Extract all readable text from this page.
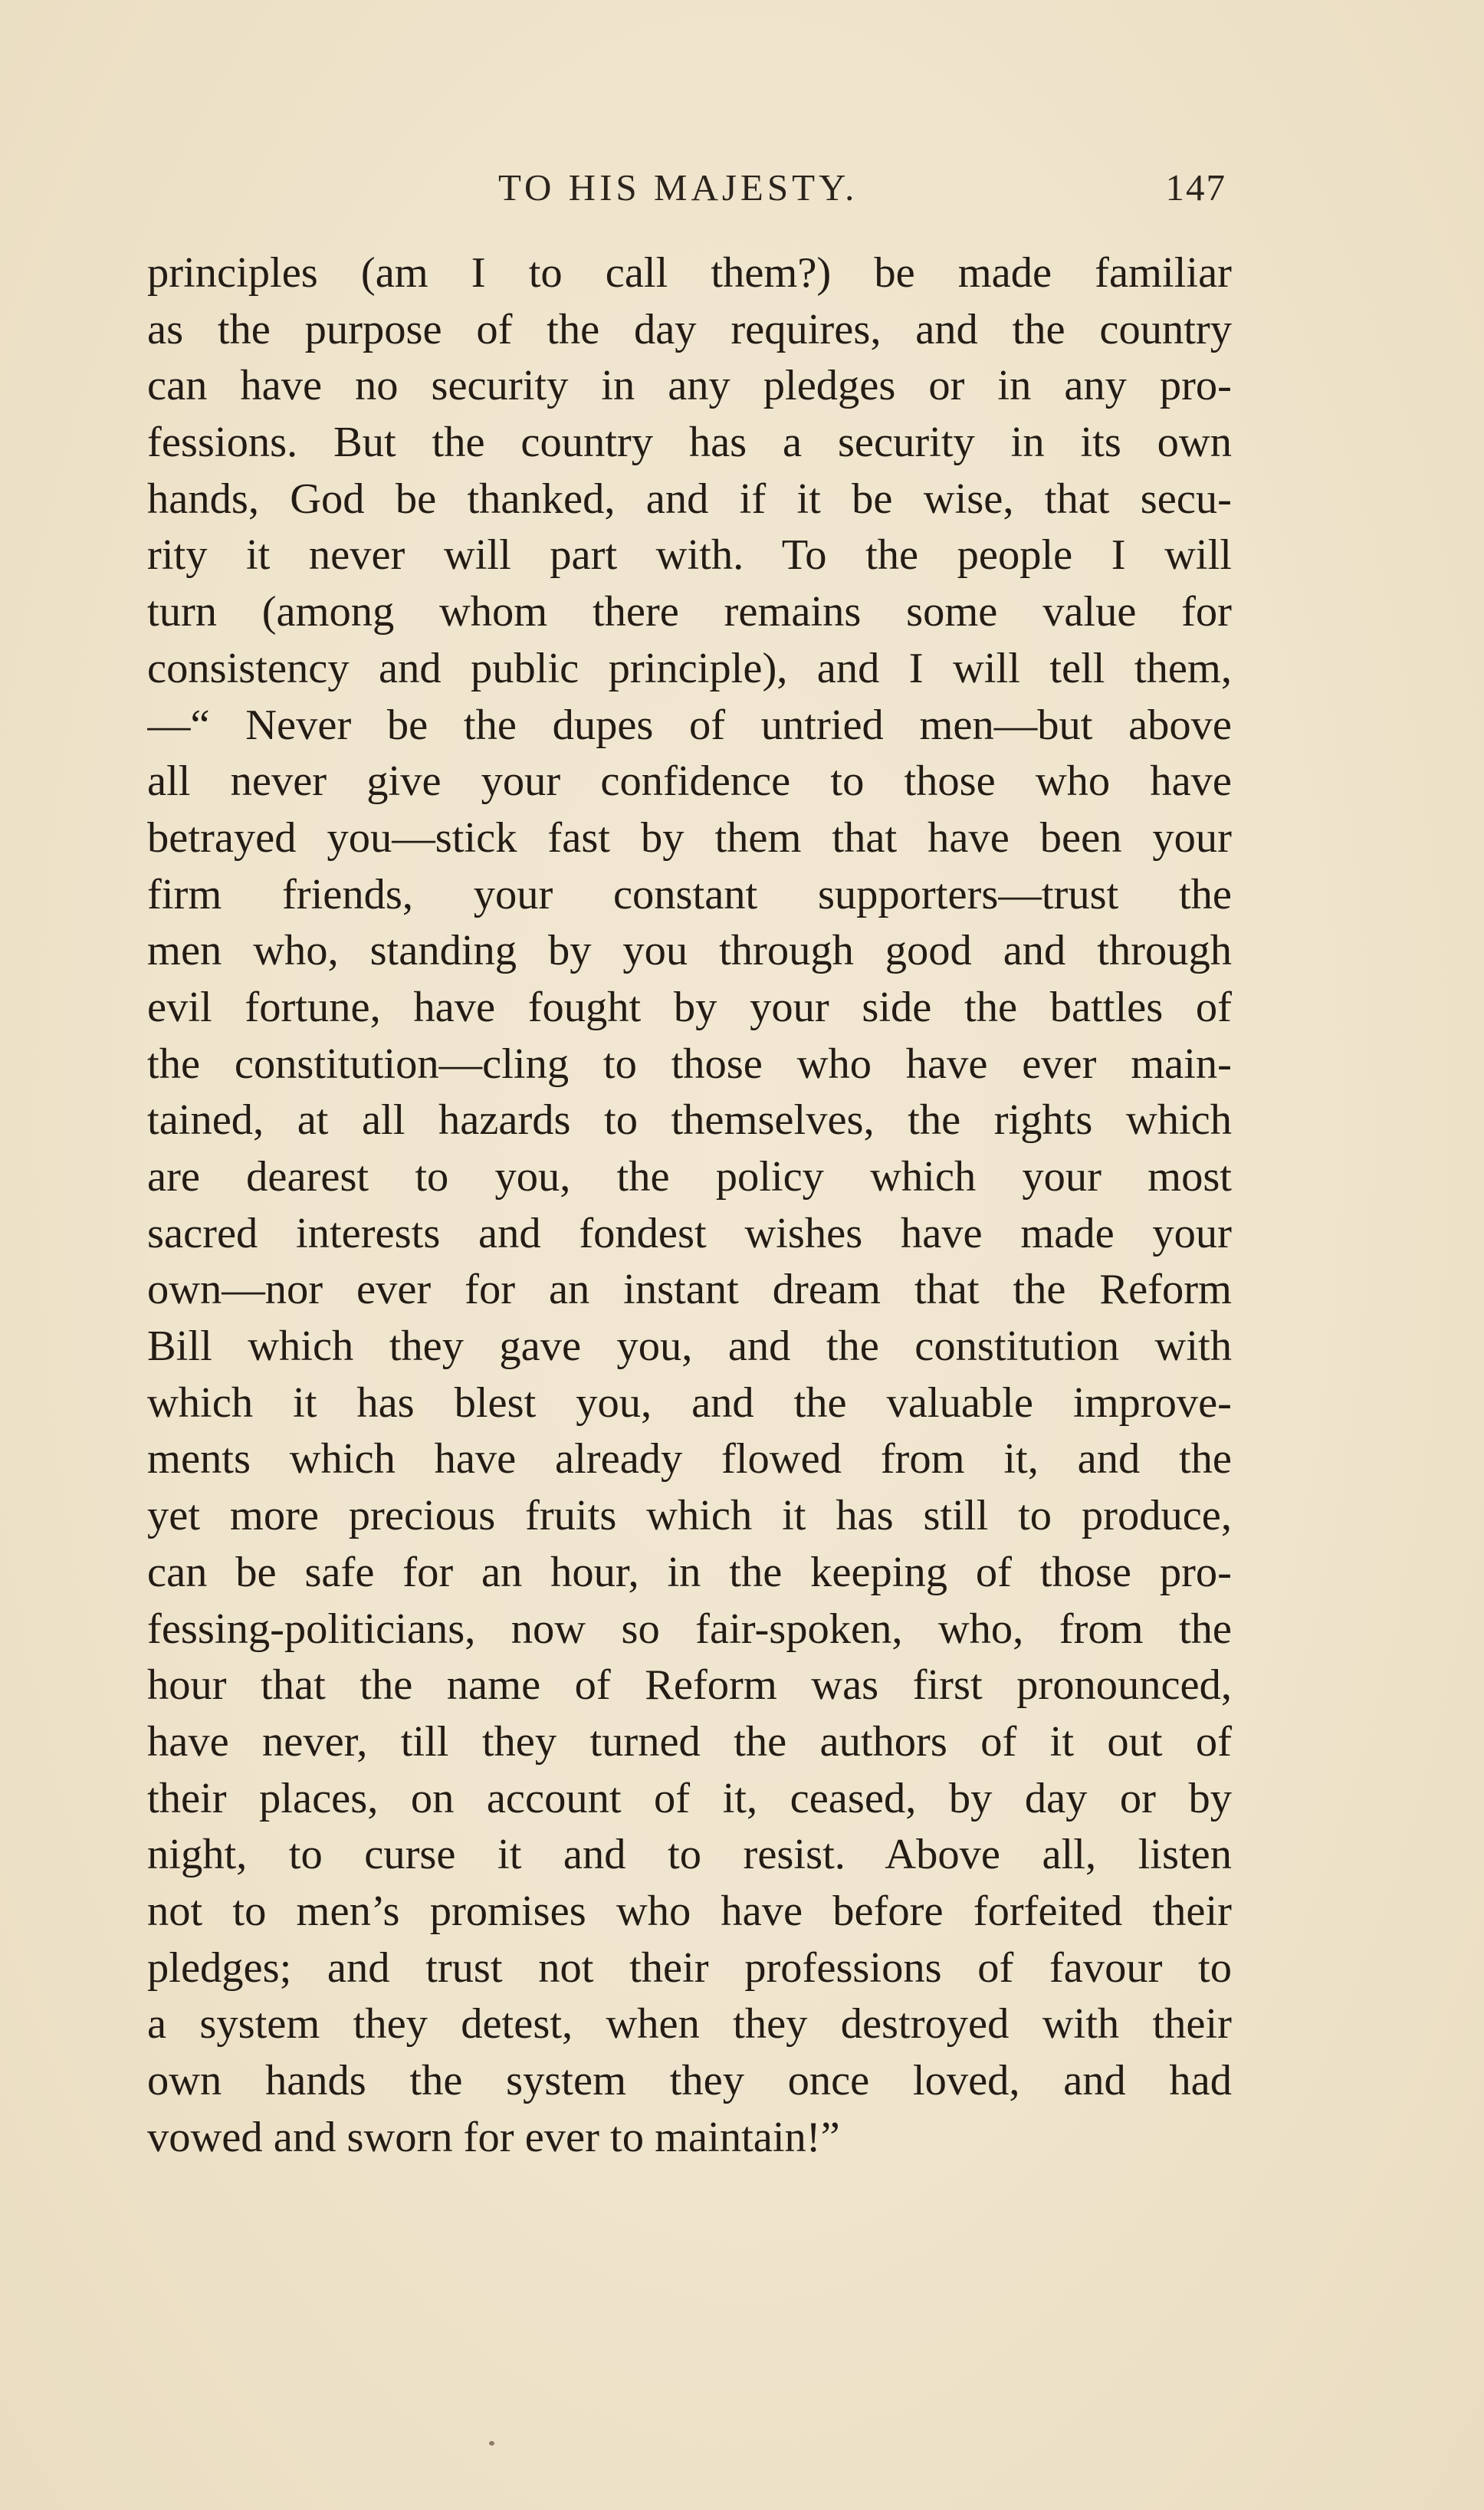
TO HIS MAJESTY.	147
principles (am I to call them?) be made familiar
as the purpose of the day requires, and the country
can have no security in any pledges or in any pro-
fessions. But the country has a security in its own
hands, God be thanked, and if it be wise, that secu-
rity it never will part with. To the people I will
turn (among whom there remains some value for
consistency and public principle), and I will tell them,
—“ Never be the dupes of untried men—but above
all never give your confidence to those who have
betrayed you—stick fast by them that have been your
firm friends, your constant supporters—trust the
men who, standing by you through good and through
evil fortune, have fought by your side the battles of
the constitution—cling to those who have ever main-
tained, at all hazards to themselves, the rights which
are dearest to you, the policy which your most
sacred interests and fondest wishes have made your
own—nor ever for an instant dream that the Reform
Bill which they gave you, and the constitution with
which it has blest you, and the valuable improve-
ments which have already flowed from it, and the
yet more precious fruits which it has still to produce,
can be safe for an hour, in the keeping of those pro-
fessing-politicians, now so fair-spoken, who, from the
hour that the name of Reform was first pronounced,
have never, till they turned the authors of it out of
their places, on account of it, ceased, by day or by
night, to curse it and to resist. Above all, listen
not to men’s promises who have before forfeited their
pledges; and trust not their professions of favour to
a system they detest, when they destroyed with their
own hands the system they once loved, and had
vowed and sworn for ever to maintain!”
